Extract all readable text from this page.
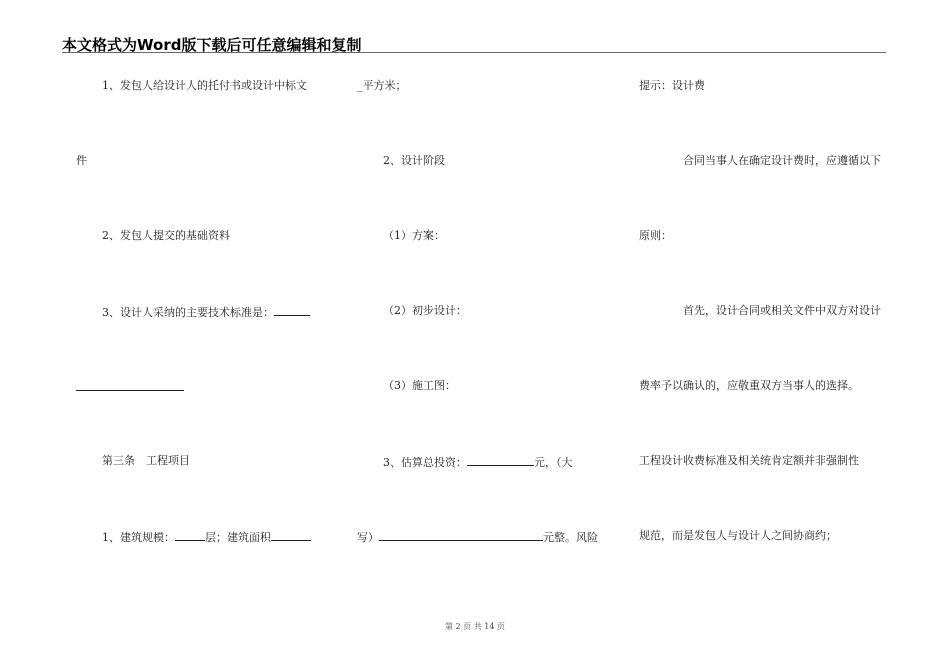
本文格式为Word版下载后可任意编辑和复制
1、发包人给设计人的托付书或设计中标文
件
2、发包人提交的基础资料
3、设计人采纳的主要技术标准是：
第三条　工程项目
1、建筑规模：	层；建筑面积
_平方米；
2、设计阶段
（1）方案：
（2）初步设计：
（3）施工图：
3、估算总投资：	元，（大
写）	元整。风险
提示：设计费
合同当事人在确定设计费时，应遵循以下
原则：
首先，设计合同或相关文件中双方对设计
费率予以确认的，应敬重双方当事人的选择。
工程设计收费标准及相关统肯定额并非强制性
规范，而是发包人与设计人之间协商约；
第 2 页 共 14 页
